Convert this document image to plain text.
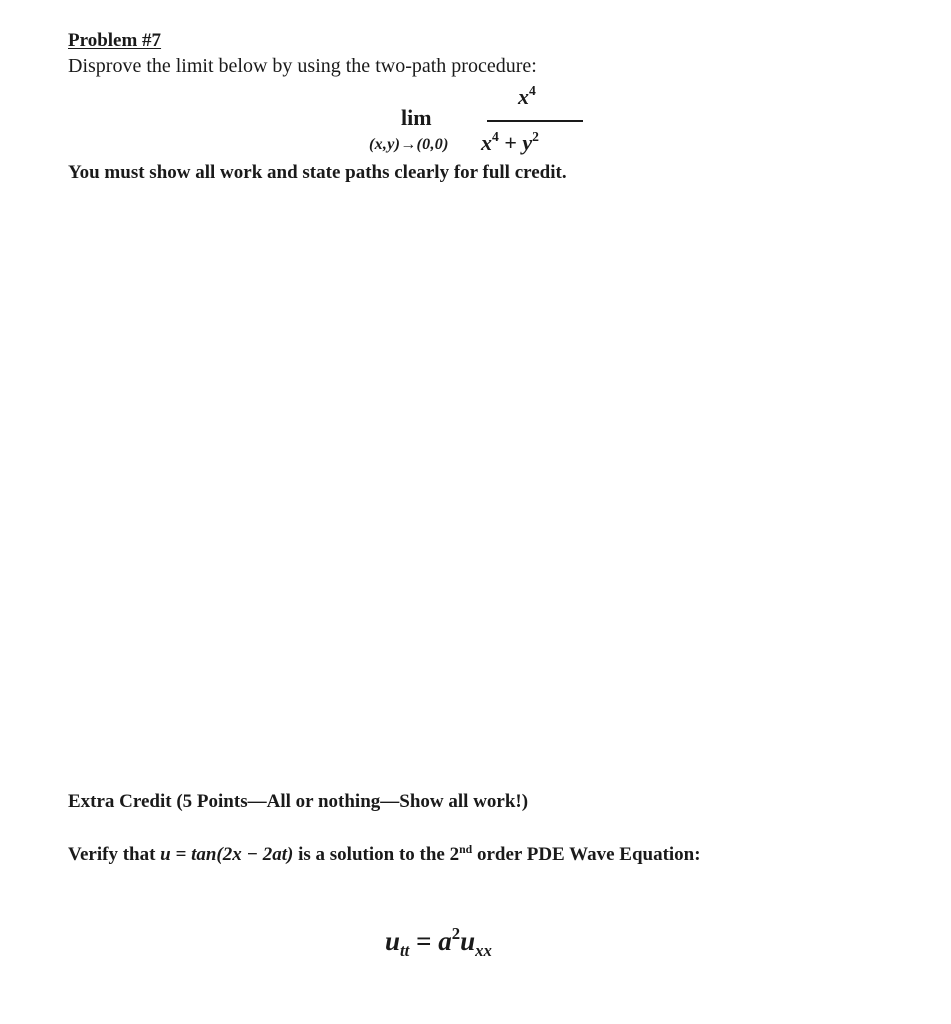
Problem #7
Disprove the limit below by using the two-path procedure:
lim
(x,y)→(0,0)
$x^4$
$x^4 + y^2$
You must show all work and state paths clearly for full credit.
Extra Credit (5 Points—All or nothing—Show all work!)
Verify that u = tan(2x − 2at) is a solution to the 2nd order PDE Wave Equation:
$u_{tt} = a^2u_{xx}$
